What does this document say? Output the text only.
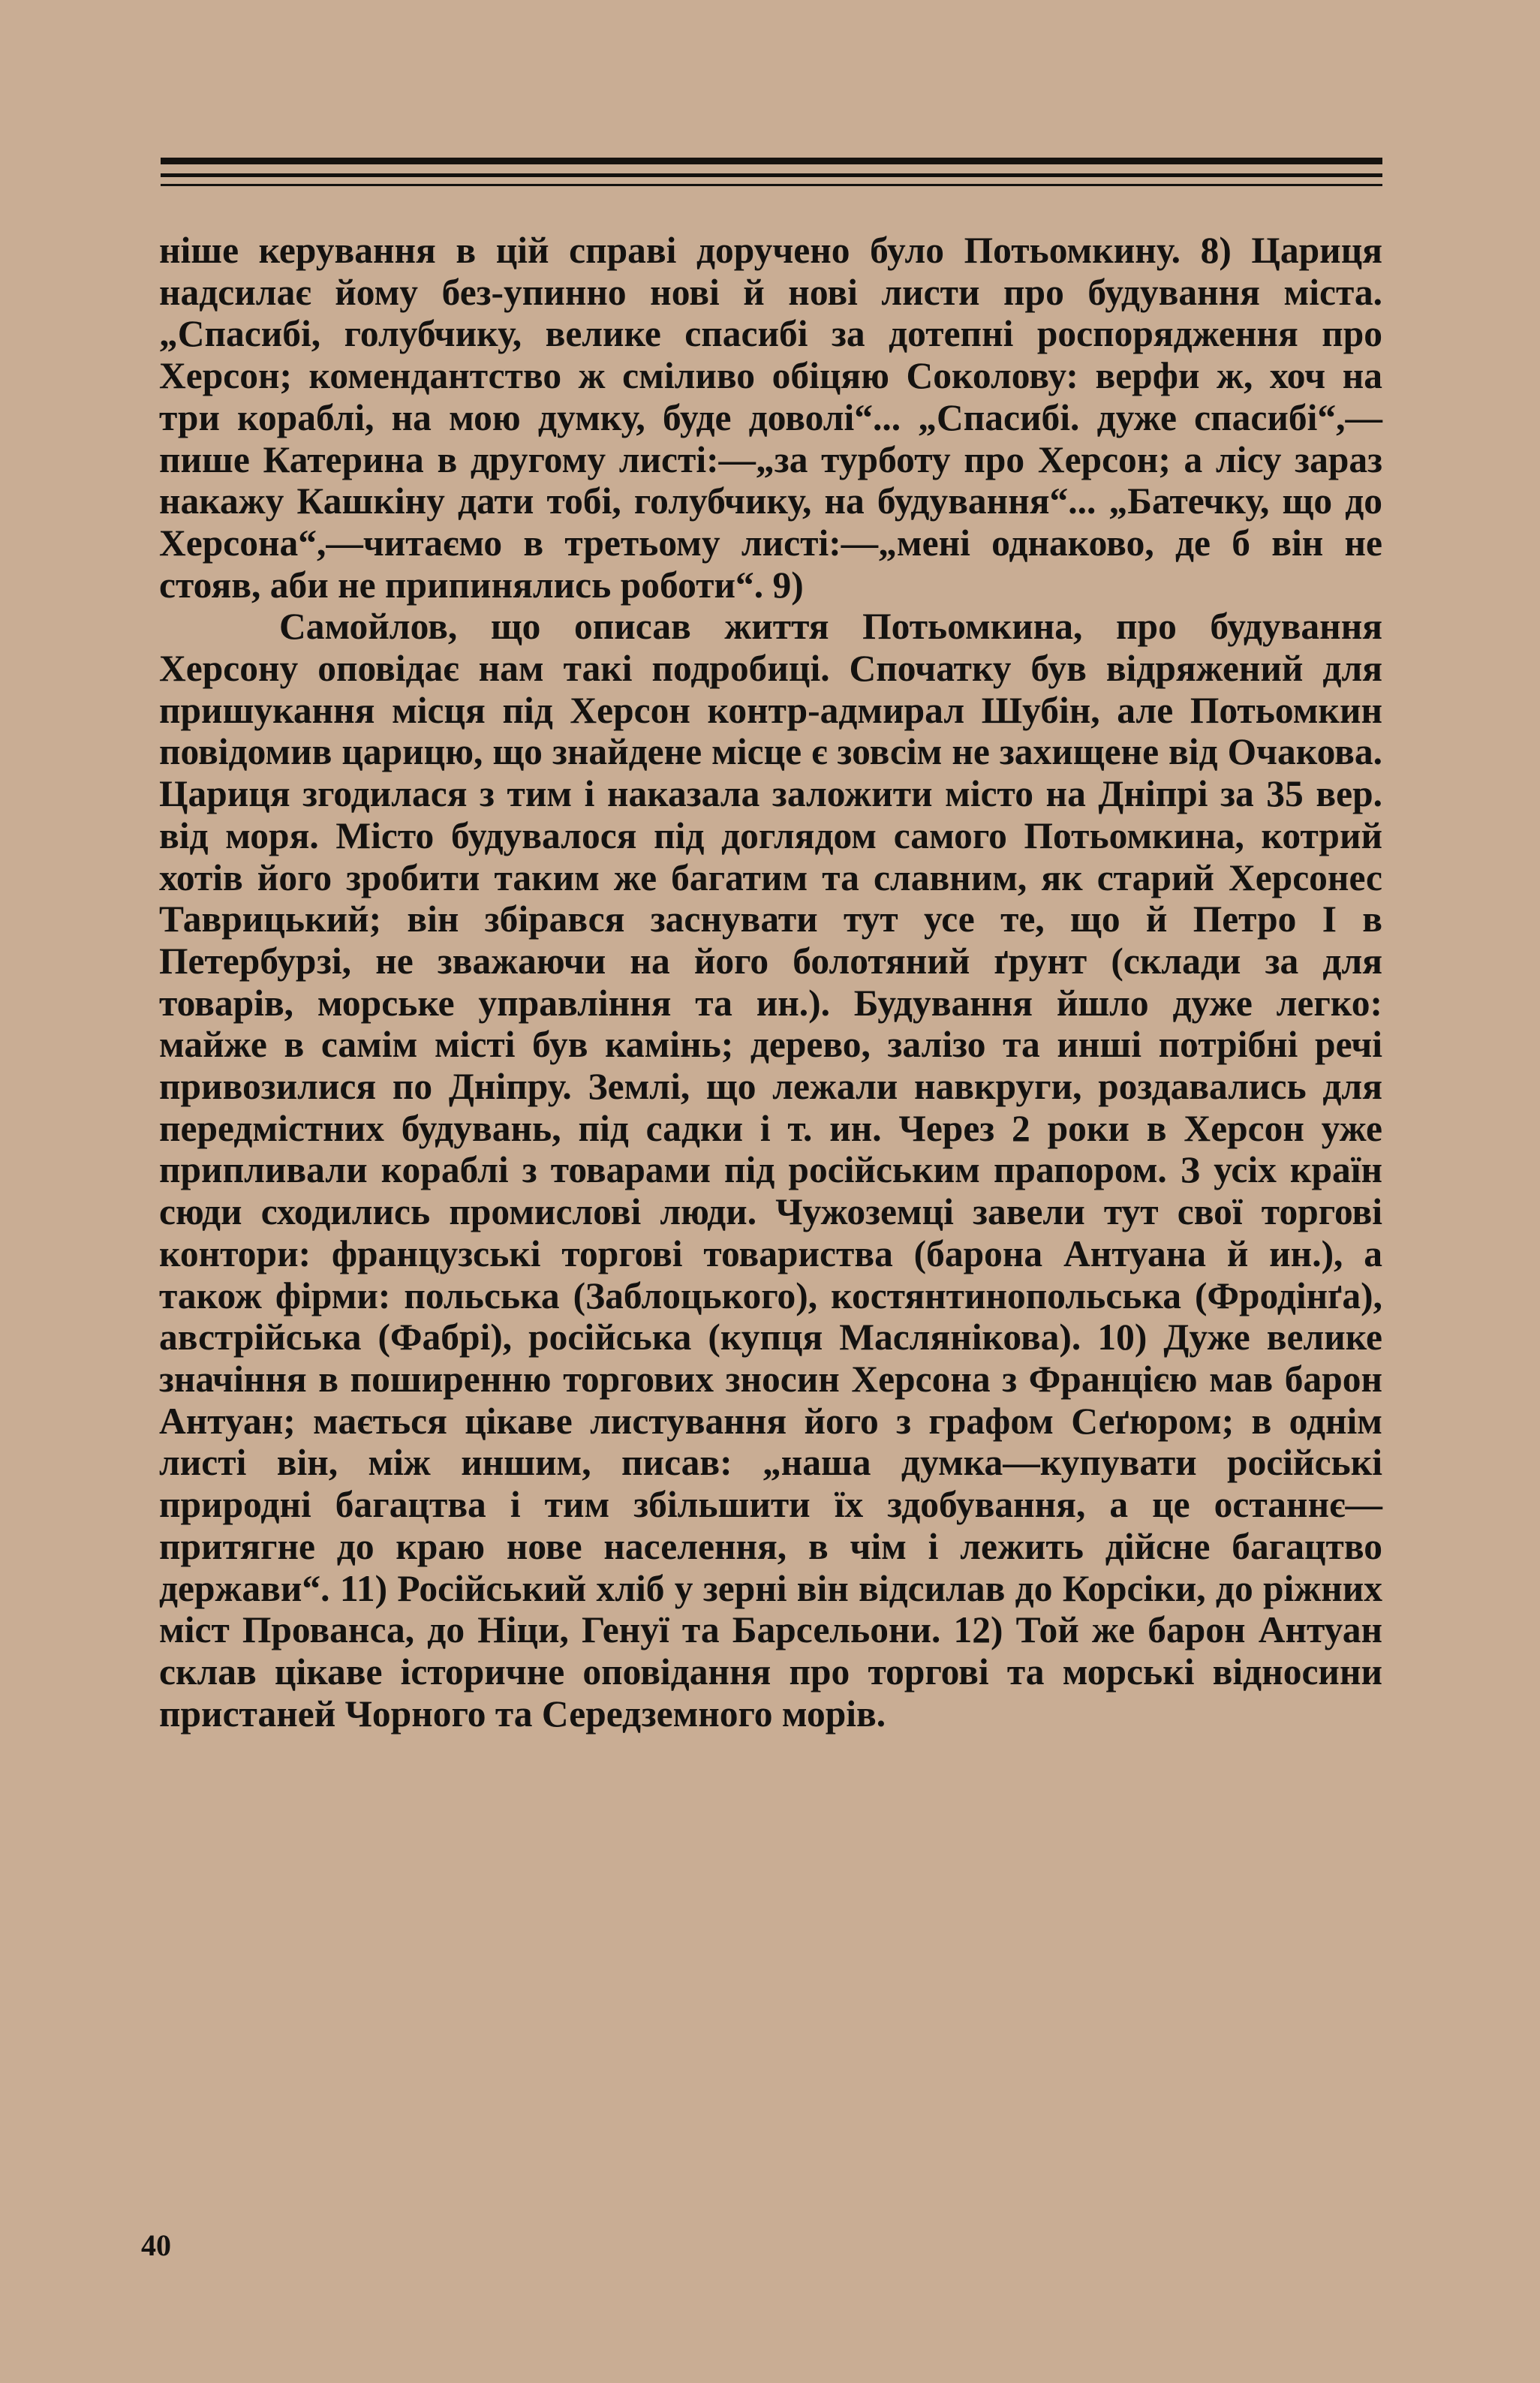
ніше керування в цій справі доручено було Потьомкину. 8) Цариця надсилає йому без-упинно нові й нові листи про будування міста. „Спасибі, голубчику, велике спасибі за дотепні роспорядження про Херсон; комендантство ж сміливо обіцяю Соколову: верфи ж, хоч на три кораблі, на мою думку, буде доволі“... „Спасибі. дуже спасибі“,—пише Катерина в другому листі:—„за турботу про Херсон; а лісу зараз накажу Кашкіну дати тобі, голубчику, на будування“... „Батечку, що до Херсона“,—читаємо в третьому листі:—„мені однаково, де б він не стояв, аби не припинялись роботи“. 9)

Самойлов, що описав життя Потьомкина, про будування Херсону оповідає нам такі подробиці. Спочатку був відряжений для пришукання місця під Херсон контр-адмирал Шубін, але Потьомкин повідомив царицю, що знайдене місце є зовсім не захищене від Очакова. Цариця згодилася з тим і наказала заложити місто на Дніпрі за 35 вер. від моря. Місто будувалося під доглядом самого Потьомкина, котрий хотів його зробити таким же багатим та славним, як старий Херсонес Таврицький; він збірався заснувати тут усе те, що й Петро I в Петербурзі, не зважаючи на його болотяний ґрунт (склади за для товарів, морське управління та ин.). Будування йшло дуже легко: майже в самім місті був камінь; дерево, залізо та инші потрібні речі привозилися по Дніпру. Землі, що лежали навкруги, роздавались для передмістних будувань, під садки і т. ин. Через 2 роки в Херсон уже припливали кораблі з товарами під російським прапором. З усіх країн сюди сходились промислові люди. Чужоземці завели тут свої торгові контори: французські торгові товариства (барона Антуана й ин.), а також фірми: польська (Заблоцького), костянтинопольська (Фродінґа), австрійська (Фабрі), російська (купця Маслянікова). 10) Дуже велике значіння в поширенню торгових зносин Херсона з Францією мав барон Антуан; мається цікаве листування його з графом Сеґюром; в однім листі він, між иншим, писав: „наша думка—купувати російські природні багацтва і тим збільшити їх здобування, а це останнє—притягне до краю нове населення, в чім і лежить дійсне багацтво держави“. 11) Російський хліб у зерні він відсилав до Корсіки, до ріжних міст Прованса, до Ніци, Генуї та Барсельони. 12) Той же барон Антуан склав цікаве історичне оповідання про торгові та морські відносини пристаней Чорного та Середземного морів.

40
